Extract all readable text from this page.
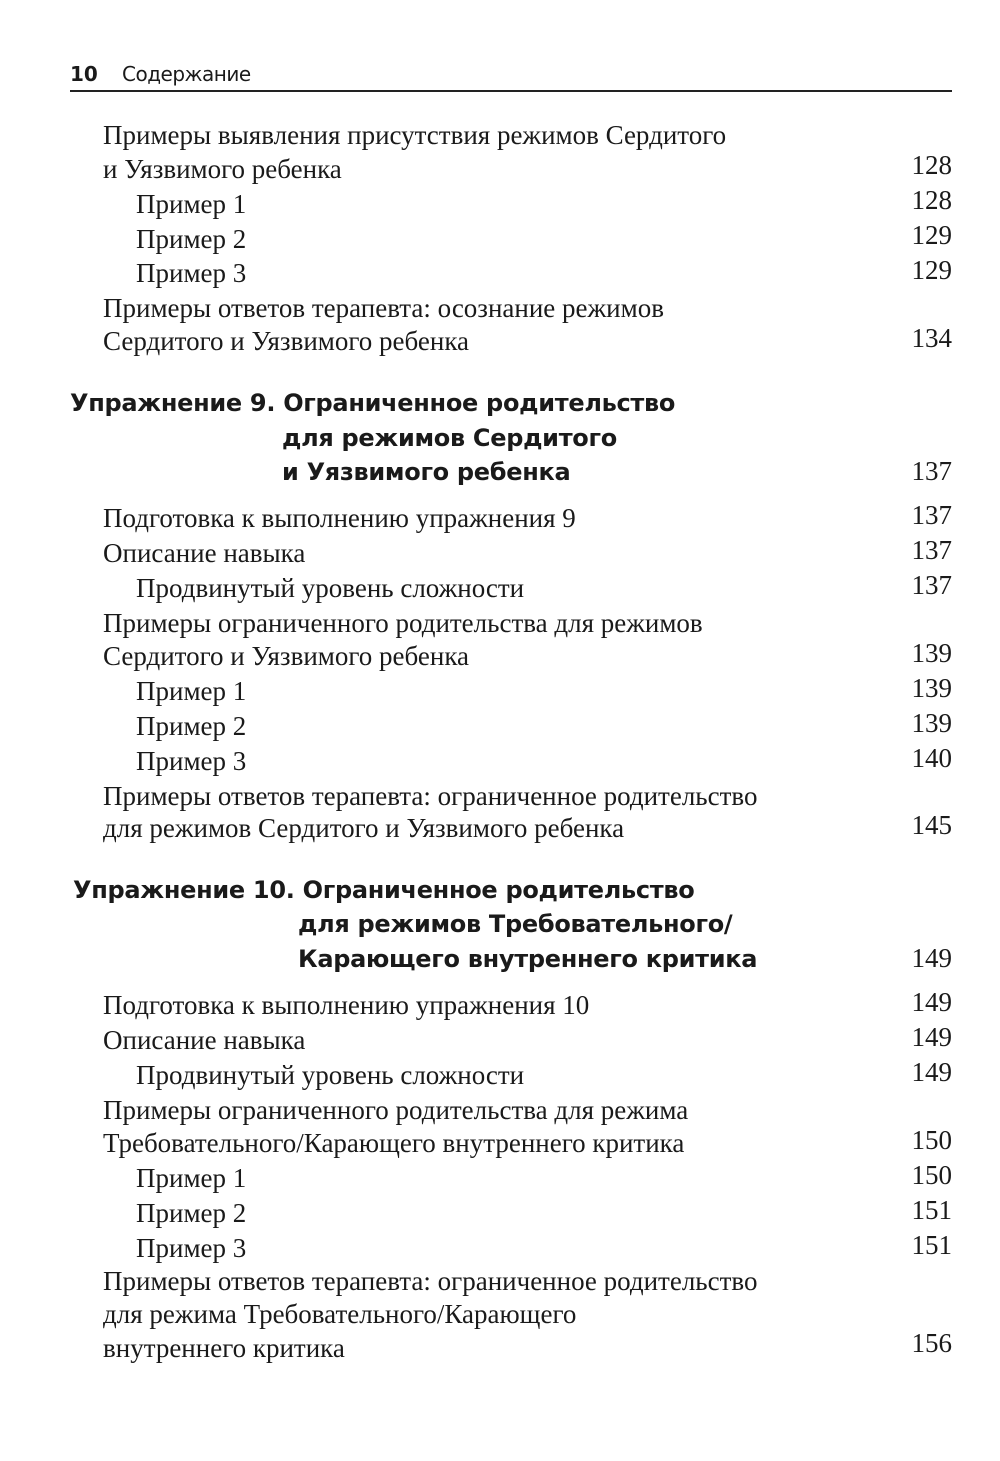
10 Содержание
Примеры выявления присутствия режимов Сердитого
и Уязвимого ребенка	128
Пример 1	128
Пример 2	129
Пример 3	129
Примеры ответов терапевта: осознание режимов
Сердитого и Уязвимого ребенка	134
Упражнение 9. Ограниченное родительство
для режимов Сердитого
и Уязвимого ребенка	137
Подготовка к выполнению упражнения 9	137
Описание навыка	137
Продвинутый уровень сложности	137
Примеры ограниченного родительства для режимов
Сердитого и Уязвимого ребенка	139
Пример 1	139
Пример 2	139
Пример 3	140
Примеры ответов терапевта: ограниченное родительство
для режимов Сердитого и Уязвимого ребенка	145
Упражнение 10. Ограниченное родительство
для режимов Требовательного/
Карающего внутреннего критика	149
Подготовка к выполнению упражнения 10	149
Описание навыка	149
Продвинутый уровень сложности	149
Примеры ограниченного родительства для режима
Требовательного/Карающего внутреннего критика	150
Пример 1	150
Пример 2	151
Пример 3	151
Примеры ответов терапевта: ограниченное родительство
для режима Требовательного/Карающего
внутреннего критика	156
